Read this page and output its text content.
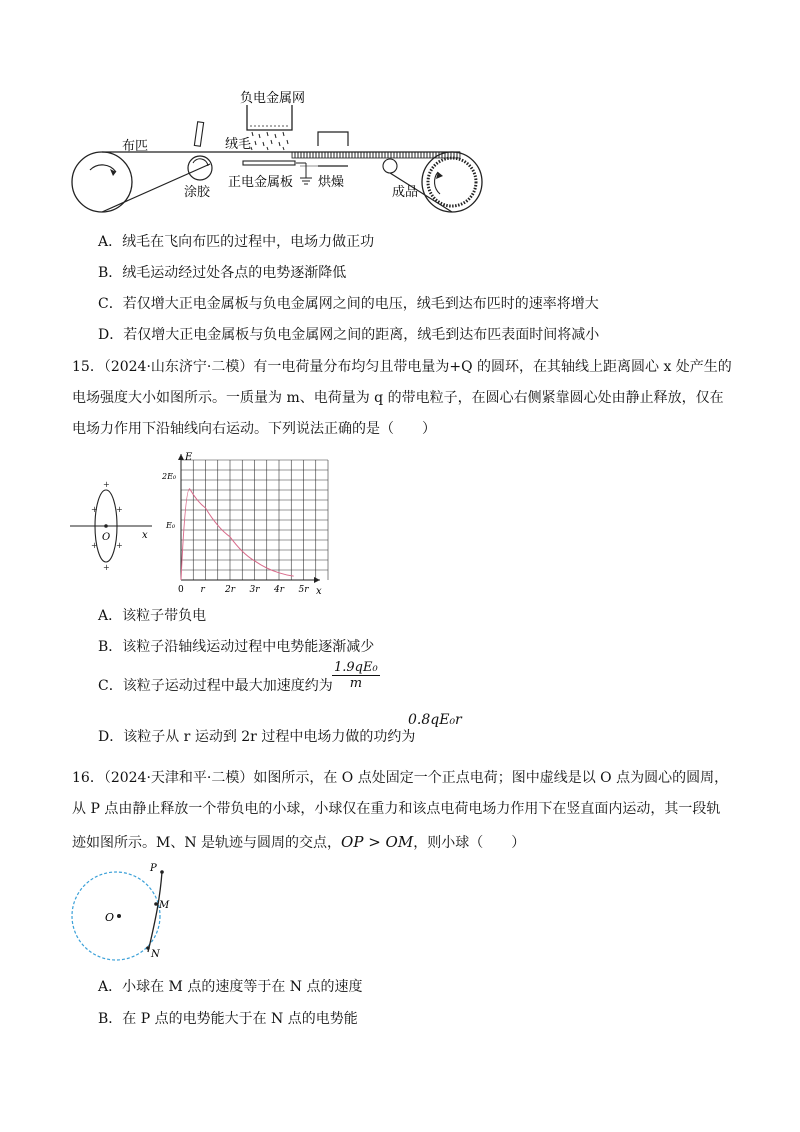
负电金属网
绒毛
布匹
涂胶
正电金属板 烘燥
成品
A．绒毛在飞向布匹的过程中，电场力做正功
B．绒毛运动经过处各点的电势逐渐降低
C．若仅增大正电金属板与负电金属网之间的电压，绒毛到达布匹时的速率将增大
D．若仅增大正电金属板与负电金属网之间的距离，绒毛到达布匹表面时间将减小
15．（2024·山东济宁·二模）有一电荷量分布均匀且带电量为+Q 的圆环，在其轴线上距离圆心 x 处产生的
电场强度大小如图所示。一质量为 m、电荷量为 q 的带电粒子，在圆心右侧紧靠圆心处由静止释放，仅在
电场力作用下沿轴线向右运动。下列说法正确的是（　　）
O	x
+
+
+
+
+
+
E
2E₀
E₀
0	x
r 2r 3r 4r 5r
A．该粒子带负电
B．该粒子沿轴线运动过程中电势能逐渐减少
C．该粒子运动过程中最大加速度约为 $\frac{\text{1.9qE₀}}{m}$
D．该粒子从 r 运动到 2r 过程中电场力做的功约为
0.8qE₀r
16．（2024·天津和平·二模）如图所示，在 O 点处固定一个正点电荷；图中虚线是以 O 点为圆心的圆周，
从 P 点由静止释放一个带负电的小球，小球仅在重力和该点电荷电场力作用下在竖直面内运动，其一段轨
迹如图所示。M、N 是轨迹与圆周的交点，OP > OM，则小球（　　）
O
P
M
N
A．小球在 M 点的速度等于在 N 点的速度
B．在 P 点的电势能大于在 N 点的电势能
